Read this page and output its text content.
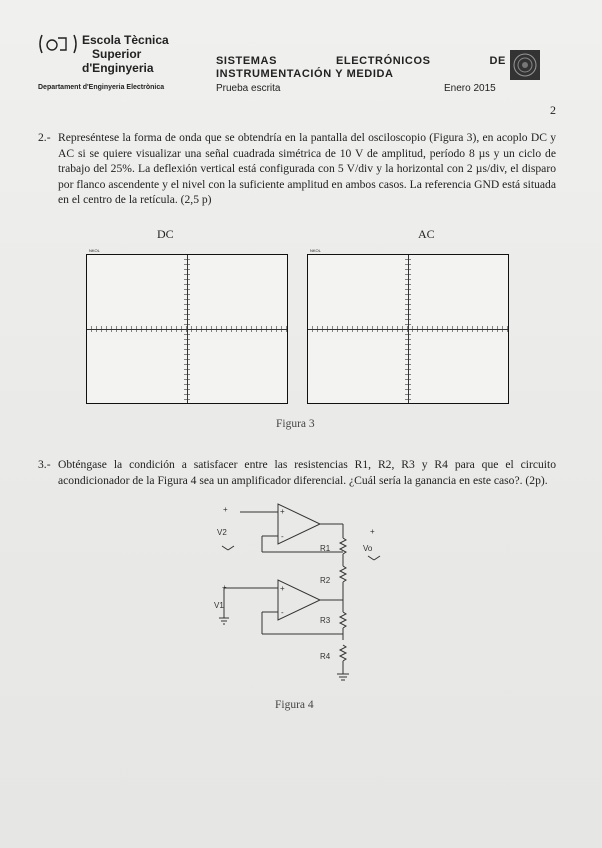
Escola Tècnica
Superior
d'Enginyeria
Departament d'Enginyeria Electrònica
SISTEMAS	ELECTRÓNICOS	DE
INSTRUMENTACIÓN Y MEDIDA
Prueba escrita	Enero 2015
2
2.- Represéntese la forma de onda que se obtendría en la pantalla del osciloscopio (Figura 3), en acoplo DC y AC si se quiere visualizar una señal cuadrada simétrica de 10 V de amplitud, período 8 µs y un ciclo de trabajo del 25%. La deflexión vertical está configurada con 5 V/div y la horizontal con 2 µs/div, el disparo por flanco ascendente y el nivel con la suficiente amplitud en ambos casos. La referencia GND está situada en el centro de la retícula. (2,5 p)
DC	AC
NKOL	NKOL
Figura 3
3.- Obténgase la condición a satisfacer entre las resistencias R1, R2, R3 y R4 para que el circuito acondicionador de la Figura 4 sea un amplificador diferencial. ¿Cuál sería la ganancia en este caso?. (2p).
+
-
+
-
+
V2
+
V1
R1
R2
R3
R4
+
Vo
Figura 4
